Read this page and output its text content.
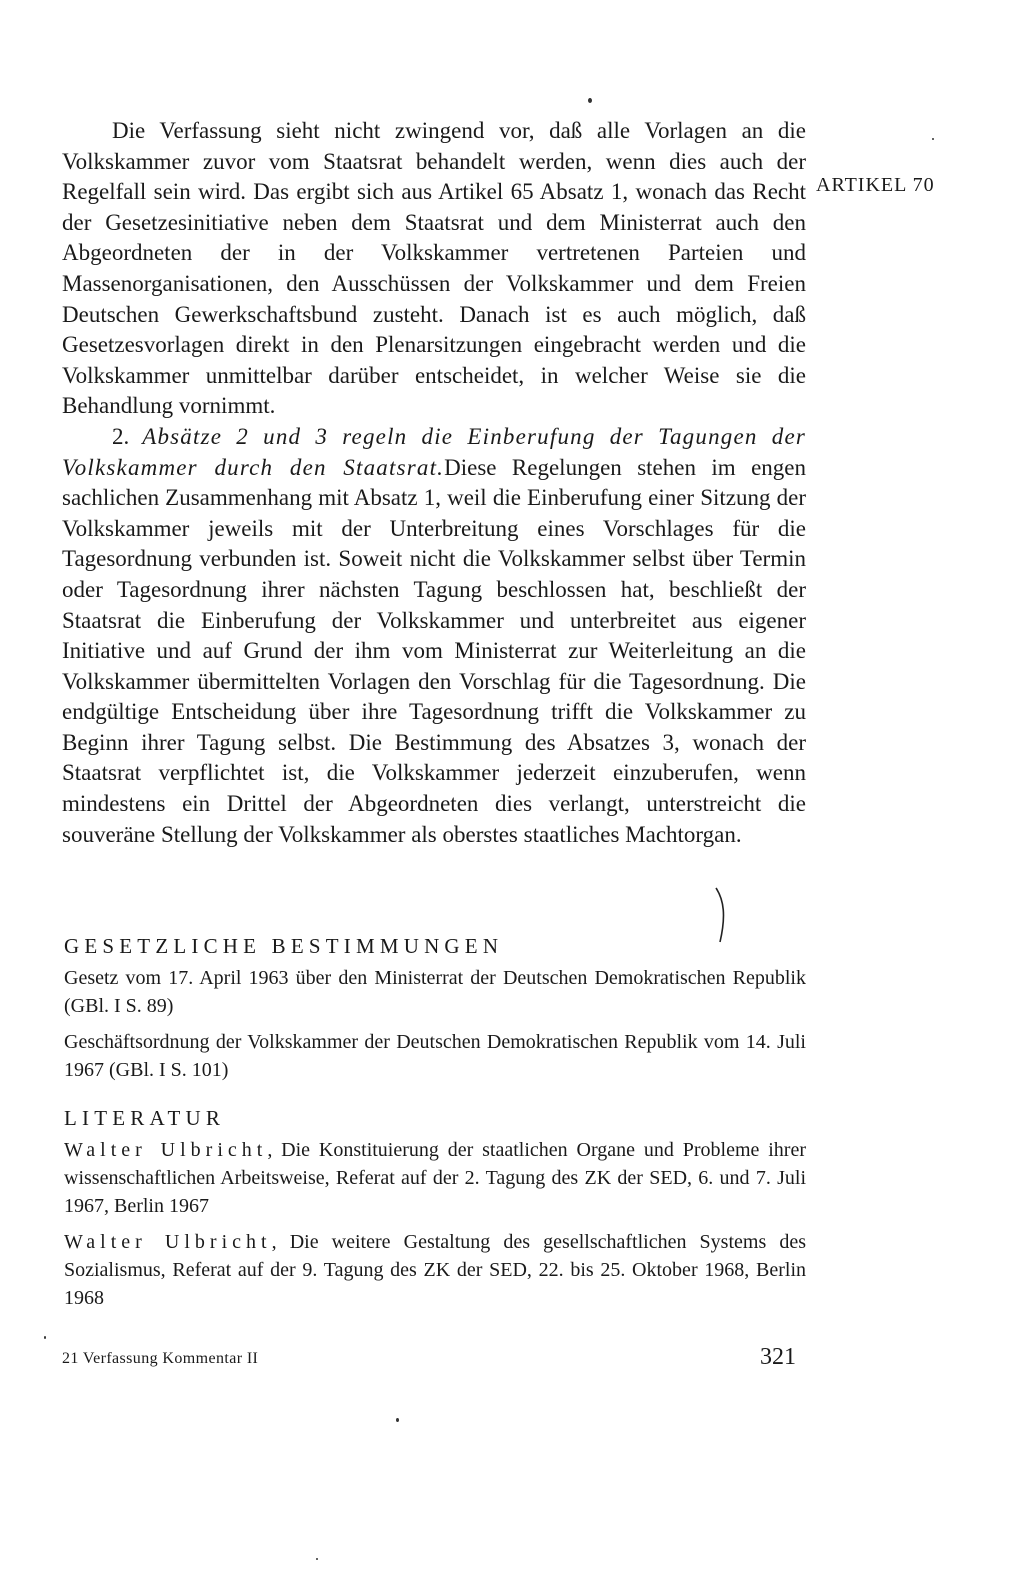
ARTIKEL 70

Die Verfassung sieht nicht zwingend vor, daß alle Vorlagen an die Volkskammer zuvor vom Staatsrat behandelt werden, wenn dies auch der Regelfall sein wird. Das ergibt sich aus Artikel 65 Absatz 1, wonach das Recht der Gesetzesinitiative neben dem Staatsrat und dem Ministerrat auch den Abgeordneten der in der Volkskammer vertretenen Parteien und Massenorganisationen, den Ausschüssen der Volkskammer und dem Freien Deutschen Gewerkschaftsbund zusteht. Danach ist es auch möglich, daß Gesetzesvorlagen direkt in den Plenarsitzungen eingebracht werden und die Volkskammer unmittelbar darüber entscheidet, in welcher Weise sie die Behandlung vornimmt.

2. Absätze 2 und 3 regeln die Einberufung der Tagungen der Volkskammer durch den Staatsrat.Diese Regelungen stehen im engen sachlichen Zusammenhang mit Absatz 1, weil die Einberufung einer Sitzung der Volkskammer jeweils mit der Unterbreitung eines Vorschlages für die Tagesordnung verbunden ist. Soweit nicht die Volkskammer selbst über Termin oder Tagesordnung ihrer nächsten Tagung beschlossen hat, beschließt der Staatsrat die Einberufung der Volkskammer und unterbreitet aus eigener Initiative und auf Grund der ihm vom Ministerrat zur Weiterleitung an die Volkskammer übermittelten Vorlagen den Vorschlag für die Tagesordnung. Die endgültige Entscheidung über ihre Tagesordnung trifft die Volkskammer zu Beginn ihrer Tagung selbst. Die Bestimmung des Absatzes 3, wonach der Staatsrat verpflichtet ist, die Volkskammer jederzeit einzuberufen, wenn mindestens ein Drittel der Abgeordneten dies verlangt, unterstreicht die souveräne Stellung der Volkskammer als oberstes staatliches Machtorgan.

GESETZLICHE BESTIMMUNGEN

Gesetz vom 17. April 1963 über den Ministerrat der Deutschen Demokratischen Republik (GBl. I S. 89)

Geschäftsordnung der Volkskammer der Deutschen Demokratischen Republik vom 14. Juli 1967 (GBl. I S. 101)

LITERATUR

Walter Ulbricht, Die Konstituierung der staatlichen Organe und Probleme ihrer wissenschaftlichen Arbeitsweise, Referat auf der 2. Tagung des ZK der SED, 6. und 7. Juli 1967, Berlin 1967

Walter Ulbricht, Die weitere Gestaltung des gesellschaftlichen Systems des Sozialismus, Referat auf der 9. Tagung des ZK der SED, 22. bis 25. Oktober 1968, Berlin 1968

21 Verfassung Kommentar II	321
